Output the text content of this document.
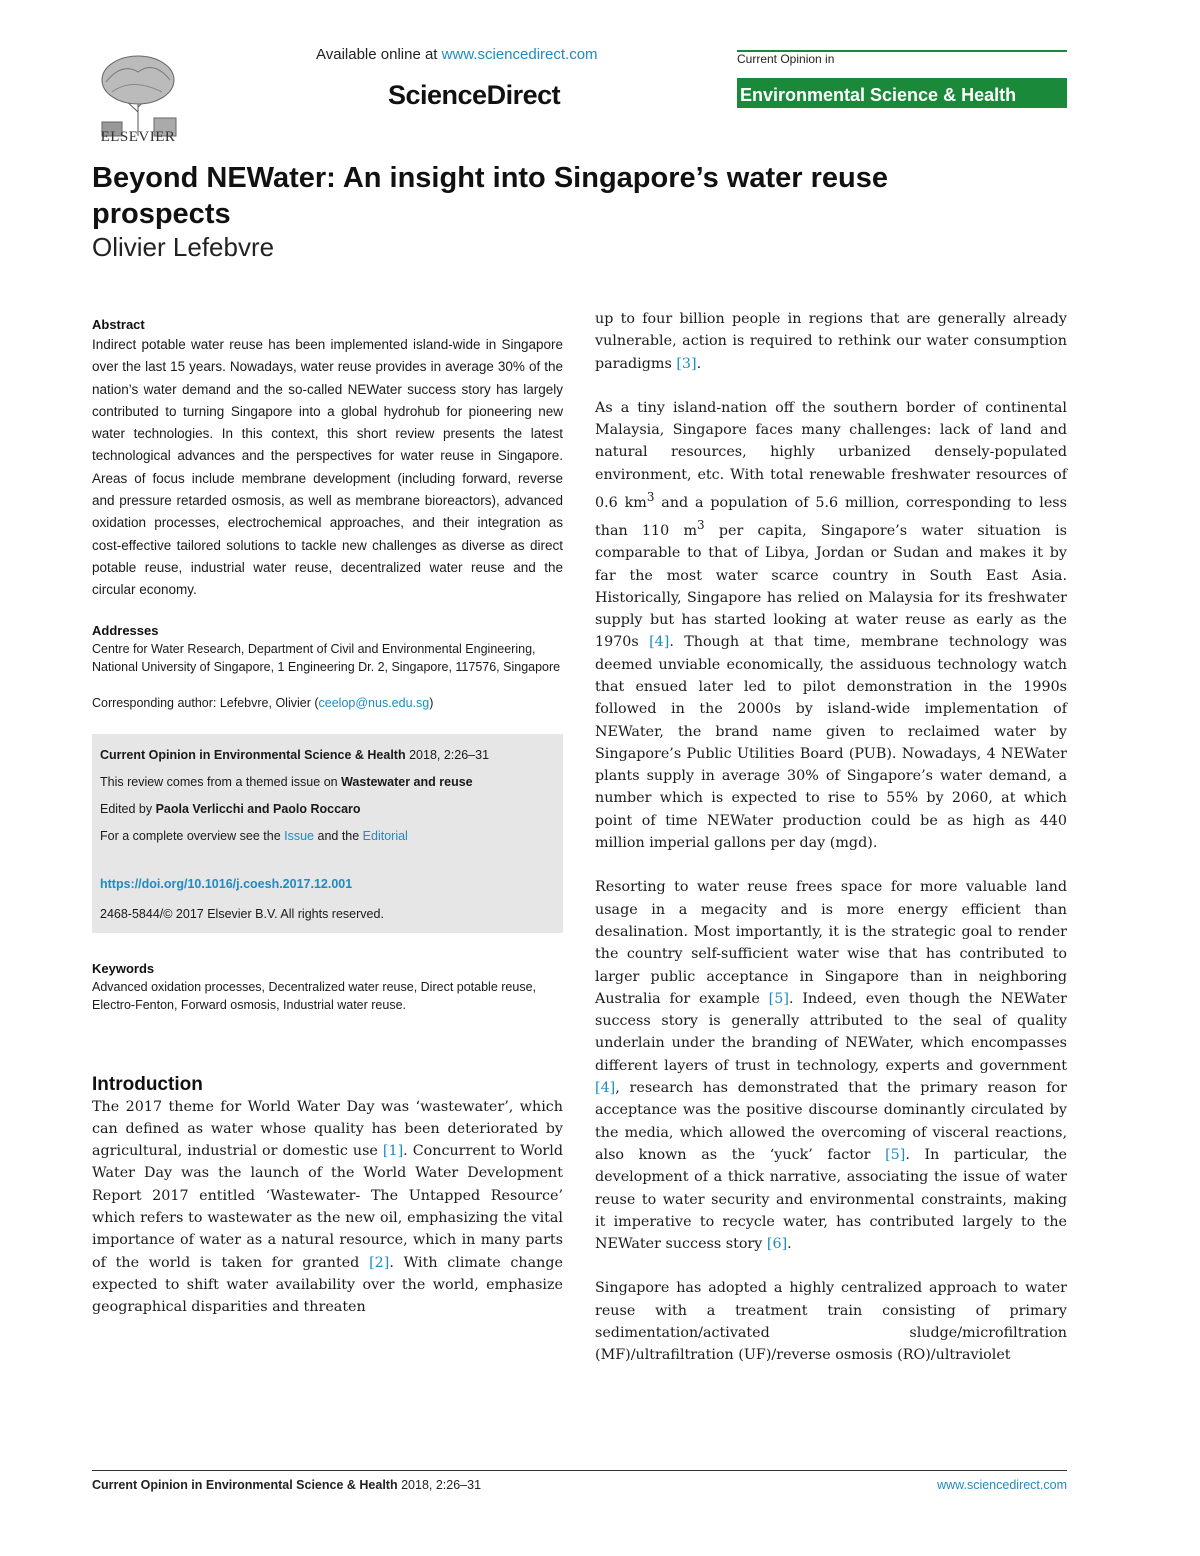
ELSEVIER
Available online at www.sciencedirect.com
ScienceDirect
Current Opinion in
Environmental Science & Health
Beyond NEWater: An insight into Singapore’s water reuse prospects
Olivier Lefebvre
Abstract

Indirect potable water reuse has been implemented island-wide in Singapore over the last 15 years. Nowadays, water reuse provides in average 30% of the nation’s water demand and the so-called NEWater success story has largely contributed to turning Singapore into a global hydrohub for pioneering new water technologies. In this context, this short review presents the latest technological advances and the perspectives for water reuse in Singapore. Areas of focus include membrane development (including forward, reverse and pressure retarded osmosis, as well as membrane bioreactors), advanced oxidation processes, electrochemical approaches, and their integration as cost-effective tailored solutions to tackle new challenges as diverse as direct potable reuse, industrial water reuse, decentralized water reuse and the circular economy.

Addresses

Centre for Water Research, Department of Civil and Environmental Engineering, National University of Singapore, 1 Engineering Dr. 2, Singapore, 117576, Singapore

Corresponding author: Lefebvre, Olivier (ceelop@nus.edu.sg)

Current Opinion in Environmental Science & Health 2018, 2:26–31

This review comes from a themed issue on Wastewater and reuse

Edited by Paola Verlicchi and Paolo Roccaro

For a complete overview see the Issue and the Editorial

https://doi.org/10.1016/j.coesh.2017.12.001

2468-5844/© 2017 Elsevier B.V. All rights reserved.

Keywords

Advanced oxidation processes, Decentralized water reuse, Direct potable reuse, Electro-Fenton, Forward osmosis, Industrial water reuse.

Introduction

The 2017 theme for World Water Day was ‘wastewater’, which can defined as water whose quality has been deteriorated by agricultural, industrial or domestic use [1]. Concurrent to World Water Day was the launch of the World Water Development Report 2017 entitled ‘Wastewater- The Untapped Resource’ which refers to wastewater as the new oil, emphasizing the vital importance of water as a natural resource, which in many parts of the world is taken for granted [2]. With climate change expected to shift water availability over the world, emphasize geographical disparities and threaten

up to four billion people in regions that are generally already vulnerable, action is required to rethink our water consumption paradigms [3].

As a tiny island-nation off the southern border of continental Malaysia, Singapore faces many challenges: lack of land and natural resources, highly urbanized densely-populated environment, etc. With total renewable freshwater resources of 0.6 $km^3$ and a population of 5.6 million, corresponding to less than 110 $m^3$ per capita, Singapore’s water situation is comparable to that of Libya, Jordan or Sudan and makes it by far the most water scarce country in South East Asia. Historically, Singapore has relied on Malaysia for its freshwater supply but has started looking at water reuse as early as the 1970s [4]. Though at that time, membrane technology was deemed unviable economically, the assiduous technology watch that ensued later led to pilot demonstration in the 1990s followed in the 2000s by island-wide implementation of NEWater, the brand name given to reclaimed water by Singapore’s Public Utilities Board (PUB). Nowadays, 4 NEWater plants supply in average 30% of Singapore’s water demand, a number which is expected to rise to 55% by 2060, at which point of time NEWater production could be as high as 440 million imperial gallons per day (mgd).

Resorting to water reuse frees space for more valuable land usage in a megacity and is more energy efficient than desalination. Most importantly, it is the strategic goal to render the country self-sufficient water wise that has contributed to larger public acceptance in Singapore than in neighboring Australia for example [5]. Indeed, even though the NEWater success story is generally attributed to the seal of quality underlain under the branding of NEWater, which encompasses different layers of trust in technology, experts and government [4], research has demonstrated that the primary reason for acceptance was the positive discourse dominantly circulated by the media, which allowed the overcoming of visceral reactions, also known as the ‘yuck’ factor [5]. In particular, the development of a thick narrative, associating the issue of water reuse to water security and environmental constraints, making it imperative to recycle water, has contributed largely to the NEWater success story [6].

Singapore has adopted a highly centralized approach to water reuse with a treatment train consisting of primary sedimentation/activated sludge/microfiltration (MF)/ultrafiltration (UF)/reverse osmosis (RO)/ultraviolet

Current Opinion in Environmental Science & Health 2018, 2:26–31	www.sciencedirect.com
